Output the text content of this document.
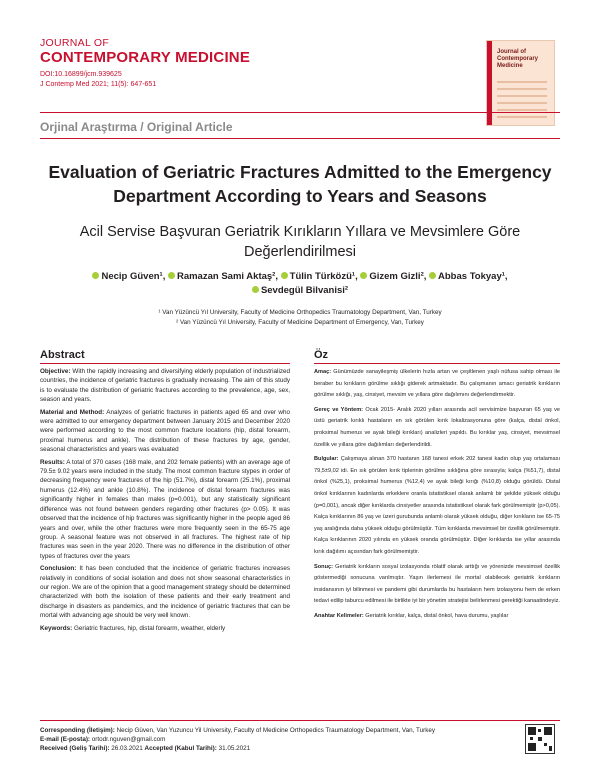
JOURNAL OF
CONTEMPORARY MEDICINE
DOI:10.16899/jcm.939625
J Contemp Med 2021; 11(5): 647-651
Journal of
Contemporary
Medicine
Orjinal Araştırma / Original Article
Evaluation of Geriatric Fractures Admitted to the Emergency Department According to Years and Seasons
Acil Servise Başvuran Geriatrik Kırıkların Yıllara ve Mevsimlere Göre Değerlendirilmesi
Necip Güven¹, Ramazan Sami Aktaş², Tülin Türközü¹, Gizem Gizli², Abbas Tokyay¹,
Sevdegül Bilvanisi²
¹ Van Yüzüncü Yıl University, Faculty of Medicine Orthopedics Traumatology Department, Van, Turkey
² Van Yüzüncü Yıl University, Faculty of Medicine Department of Emergency, Van, Turkey
Abstract	Öz

Objective: With the rapidly increasing and diversifying elderly population of industrialized countries, the incidence of geriatric fractures is gradually increasing. The aim of this study is to evaluate the distribution of geriatric fractures according to the prevalence, age, sex, season and years.

Material and Method: Analyzes of geriatric fractures in patients aged 65 and over who were admitted to our emergency department between January 2015 and December 2020 were performed according to the most common fracture locations (hip, distal forearm, proximal humerus and ankle). The distribution of these fractures by age, gender, seasonal characteristics and years was evaluated

Results: A total of 370 cases (168 male, and 202 female patients) with an average age of 79.5± 9.02 years were included in the study. The most common fracture stypes in order of decreasing frequency were fractures of the hip (51.7%), distal forearm (25.1%), proximal humerus (12.4%) and ankle (10.8%). The incidence of distal forearm fractures was significantly higher in females than males (p=0.001), but any statistically significant difference was not found between genders regarding other fractures (p> 0.05). It was observed that the incidence of hip fractures was significantly higher in the people aged 86 years and over, while the other fractures were more frequently seen in the 65-75 age group. A seasonal feature was not observed in all fractures. The highest rate of hip fractures was seen in the year 2020. There was no difference in the distribution of other types of fractures over the years

Conclusion: It has been concluded that the incidence of geriatric fractures increases relatively in conditions of social isolation and does not show seasonal characteristics in our region. We are of the opinion that a good management strategy should be determined characterized with both the isolation of these patients and their early treatment and discharge in disasters as pandemics, and the incidence of geriatric fractures that can be mortal with advancing age should be very well known.

Keywords: Geriatric fractures, hip, distal forearm, weather, elderly

Amaç: Günümüzde sanayileşmiş ülkelerin hızla artan ve çeşitlenen yaşlı nüfusa sahip olması ile beraber bu kırıkların görülme sıklığı giderek artmaktadır. Bu çalışmanın amacı geriatrik kırıkların görülme sıklığı, yaş, cinsiyet, mevsim ve yıllara göre dağılımını değerlendirmektir.

Gereç ve Yöntem: Ocak 2015- Aralık 2020 yılları arasında acil servisimize başvuran 65 yaş ve üstü geriatrik kırıklı hastaların en sık görülen kırık lokalizasyonuna göre (kalça, distal önkol, proksimal humerus ve ayak bileği kırıkları) analizleri yapıldı. Bu kırıklar yaş, cinsiyet, mevsimsel özellik ve yıllara göre dağılımları değerlendirildi.

Bulgular: Çalışmaya alınan 370 hastanın 168 tanesi erkek 202 tanesi kadın olup yaş ortalaması 79,5±9,02 idi. En sık görülen kırık tiplerinin görülme sıklığına göre sırasıyla; kalça (%51,7), distal önkol (%25,1), proksimal humerus (%12,4) ve ayak bileği kırığı (%10,8) olduğu görüldü. Distal önkol kırıklarının kadınlarda erkeklere oranla istatistiksel olarak anlamlı bir şekilde yüksek olduğu (p=0,001), ancak diğer kırıklarda cinsiyetler arasında istatistiksel olarak fark görülmemiştir (p>0,05). Kalça kırıklarının 86 yaş ve üzeri gurubunda anlamlı olarak yüksek olduğu, diğer kırıkların ise 65-75 yaş aralığında daha yüksek olduğu görülmüştür. Tüm kırıklarda mevsimsel bir özellik görülmemiştir. Kalça kırıklarının 2020 yılında en yüksek oranda görülmüştür. Diğer kırıklarda ise yıllar arasında kırık dağılımı açısından fark görülmemiştir.

Sonuç: Geriatrik kırıkların sosyal izolasyonda rölatif olarak arttığı ve yörenizde mevsimsel özellik göstermediği sonucuna varılmıştır. Yaşın ilerlemesi ile mortal olabilecek geriatrik kırıkların insidansının iyi bilinmesi ve pandemi gibi durumlarda bu hastaların hem izolasyonu hem de erken tedavi edilip taburcu edilmesi ile birlikte iyi bir yönetim stratejisi belirlenmesi gerektiği kanaatindeyiz.

Anahtar Kelimeler: Geriatrik kırıklar, kalça, distal önkol, hava durumu, yaşlılar

Corresponding (İletişim): Necip Güven, Van Yuzuncu Yil University, Faculty of Medicine Orthopedics Traumatology Department, Van, Turkey
E-mail (E-posta): ortodr.nguven@gmail.com
Received (Geliş Tarihi): 26.03.2021 Accepted (Kabul Tarihi): 31.05.2021
